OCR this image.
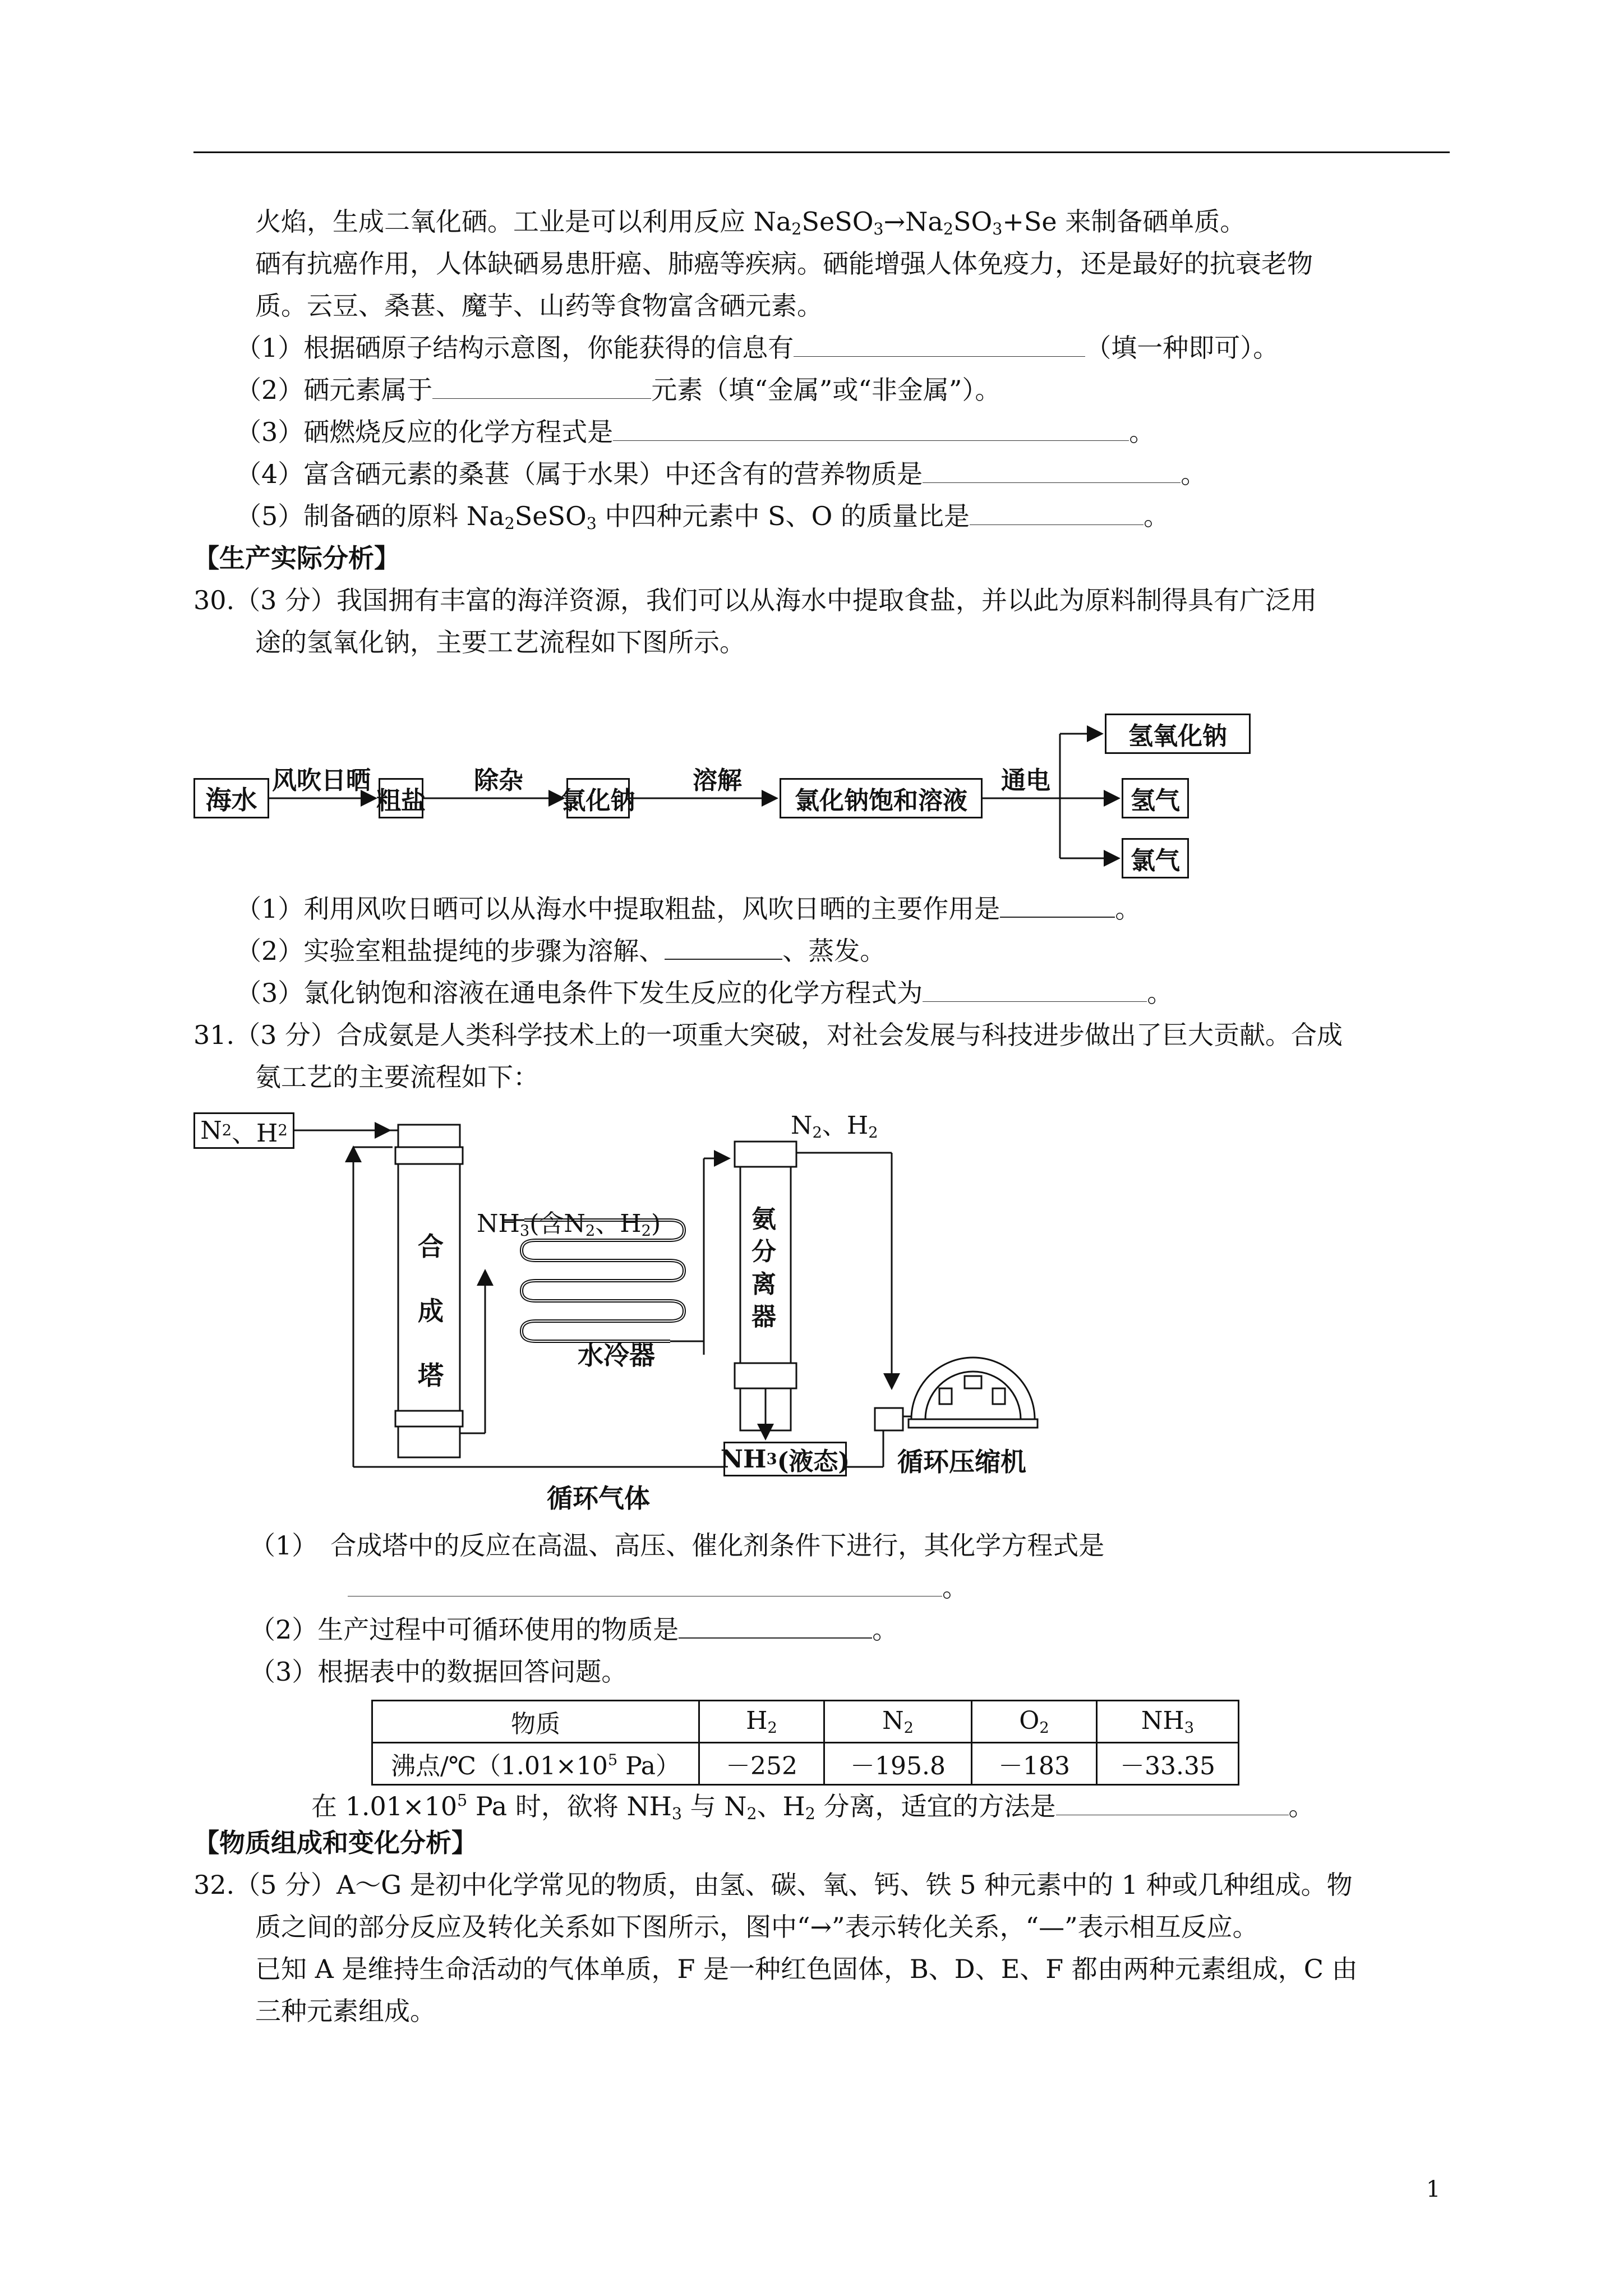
火焰，生成二氧化硒。工业是可以利用反应 $Na_2SeSO_3\to Na_2SO_3+Se$ 来制备硒单质。
硒有抗癌作用，人体缺硒易患肝癌、肺癌等疾病。硒能增强人体免疫力，还是最好的抗衰老物
质。云豆、桑葚、魔芋、山药等食物富含硒元素。
（1）根据硒原子结构示意图，你能获得的信息有	（填一种即可）。
（2）硒元素属于	元素（填“金属”或“非金属”）。
（3）硒燃烧反应的化学方程式是	。
（4）富含硒元素的桑葚（属于水果）中还含有的营养物质是	。
（5）制备硒的原料 $Na_2SeSO_3$ 中四种元素中 S、O 的质量比是	。
【生产实际分析】
30.（3 分）我国拥有丰富的海洋资源，我们可以从海水中提取食盐，并以此为原料制得具有广泛用
途的氢氧化钠，主要工艺流程如下图所示。
海水
风吹日晒
粗盐
除杂
氯化钠
溶解
氯化钠饱和溶液
通电
氢氧化钠
氢气
氯气
（1）利用风吹日晒可以从海水中提取粗盐，风吹日晒的主要作用是	。
（2）实验室粗盐提纯的步骤为溶解、	、蒸发。
（3）氯化钠饱和溶液在通电条件下发生反应的化学方程式为	。
31.（3 分）合成氨是人类科学技术上的一项重大突破，对社会发展与科技进步做出了巨大贡献。合成
氨工艺的主要流程如下：
N 2 、H 2
合
成
塔
$NH_3$(含$N_2$、$H_2$)
水冷器
氨
分
离
器
$N_2$、$H_2$
NH 3 (液态) 循环压缩机
循环气体
（1）　合成塔中的反应在高温、高压、催化剂条件下进行，其化学方程式是
。
（2）生产过程中可循环使用的物质是	。
（3）根据表中的数据回答问题。
物质	$H_2$	$N_2$	$O_2$	$NH_3$
沸点$/℃(1.01\times 10^5$ Pa）	－252	－195.8	－183	－33.35
在 $1.01\times 10^5$ Pa 时，欲将 $NH_3$ 与 $N_2$、$H_2$ 分离，适宜的方法是	。
【物质组成和变化分析】
32.（5 分）A～G 是初中化学常见的物质，由氢、碳、氧、钙、铁 5 种元素中的 1 种或几种组成。物
质之间的部分反应及转化关系如下图所示，图中“→”表示转化关系，“—”表示相互反应。
已知 A 是维持生命活动的气体单质，F 是一种红色固体，B、D、E、F 都由两种元素组成，C 由
三种元素组成。
1
